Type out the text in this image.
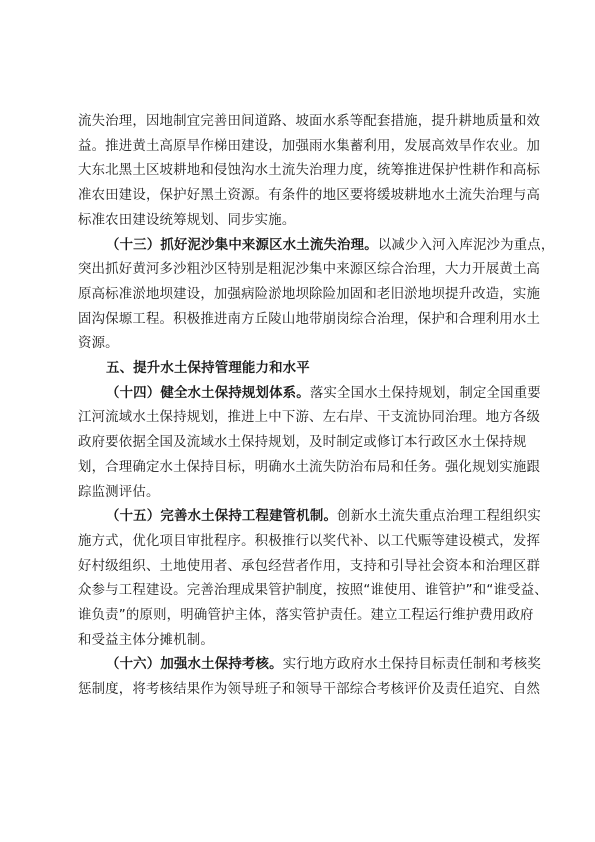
流失治理，因地制宜完善田间道路、坡面水系等配套措施，提升耕地质量和效
益。推进黄土高原旱作梯田建设，加强雨水集蓄利用，发展高效旱作农业。加
大东北黑土区坡耕地和侵蚀沟水土流失治理力度，统筹推进保护性耕作和高标
准农田建设，保护好黑土资源。有条件的地区要将缓坡耕地水土流失治理与高
标准农田建设统筹规划、同步实施。
（十三）抓好泥沙集中来源区水土流失治理。以减少入河入库泥沙为重点，
突出抓好黄河多沙粗沙区特别是粗泥沙集中来源区综合治理，大力开展黄土高
原高标准淤地坝建设，加强病险淤地坝除险加固和老旧淤地坝提升改造，实施
固沟保塬工程。积极推进南方丘陵山地带崩岗综合治理，保护和合理利用水土
资源。
五、提升水土保持管理能力和水平
（十四）健全水土保持规划体系。落实全国水土保持规划，制定全国重要
江河流域水土保持规划，推进上中下游、左右岸、干支流协同治理。地方各级
政府要依据全国及流域水土保持规划，及时制定或修订本行政区水土保持规
划，合理确定水土保持目标，明确水土流失防治布局和任务。强化规划实施跟
踪监测评估。
（十五）完善水土保持工程建管机制。创新水土流失重点治理工程组织实
施方式，优化项目审批程序。积极推行以奖代补、以工代赈等建设模式，发挥
好村级组织、土地使用者、承包经营者作用，支持和引导社会资本和治理区群
众参与工程建设。完善治理成果管护制度，按照“谁使用、谁管护”和“谁受益、
谁负责”的原则，明确管护主体，落实管护责任。建立工程运行维护费用政府
和受益主体分摊机制。
（十六）加强水土保持考核。实行地方政府水土保持目标责任制和考核奖
惩制度，将考核结果作为领导班子和领导干部综合考核评价及责任追究、自然
